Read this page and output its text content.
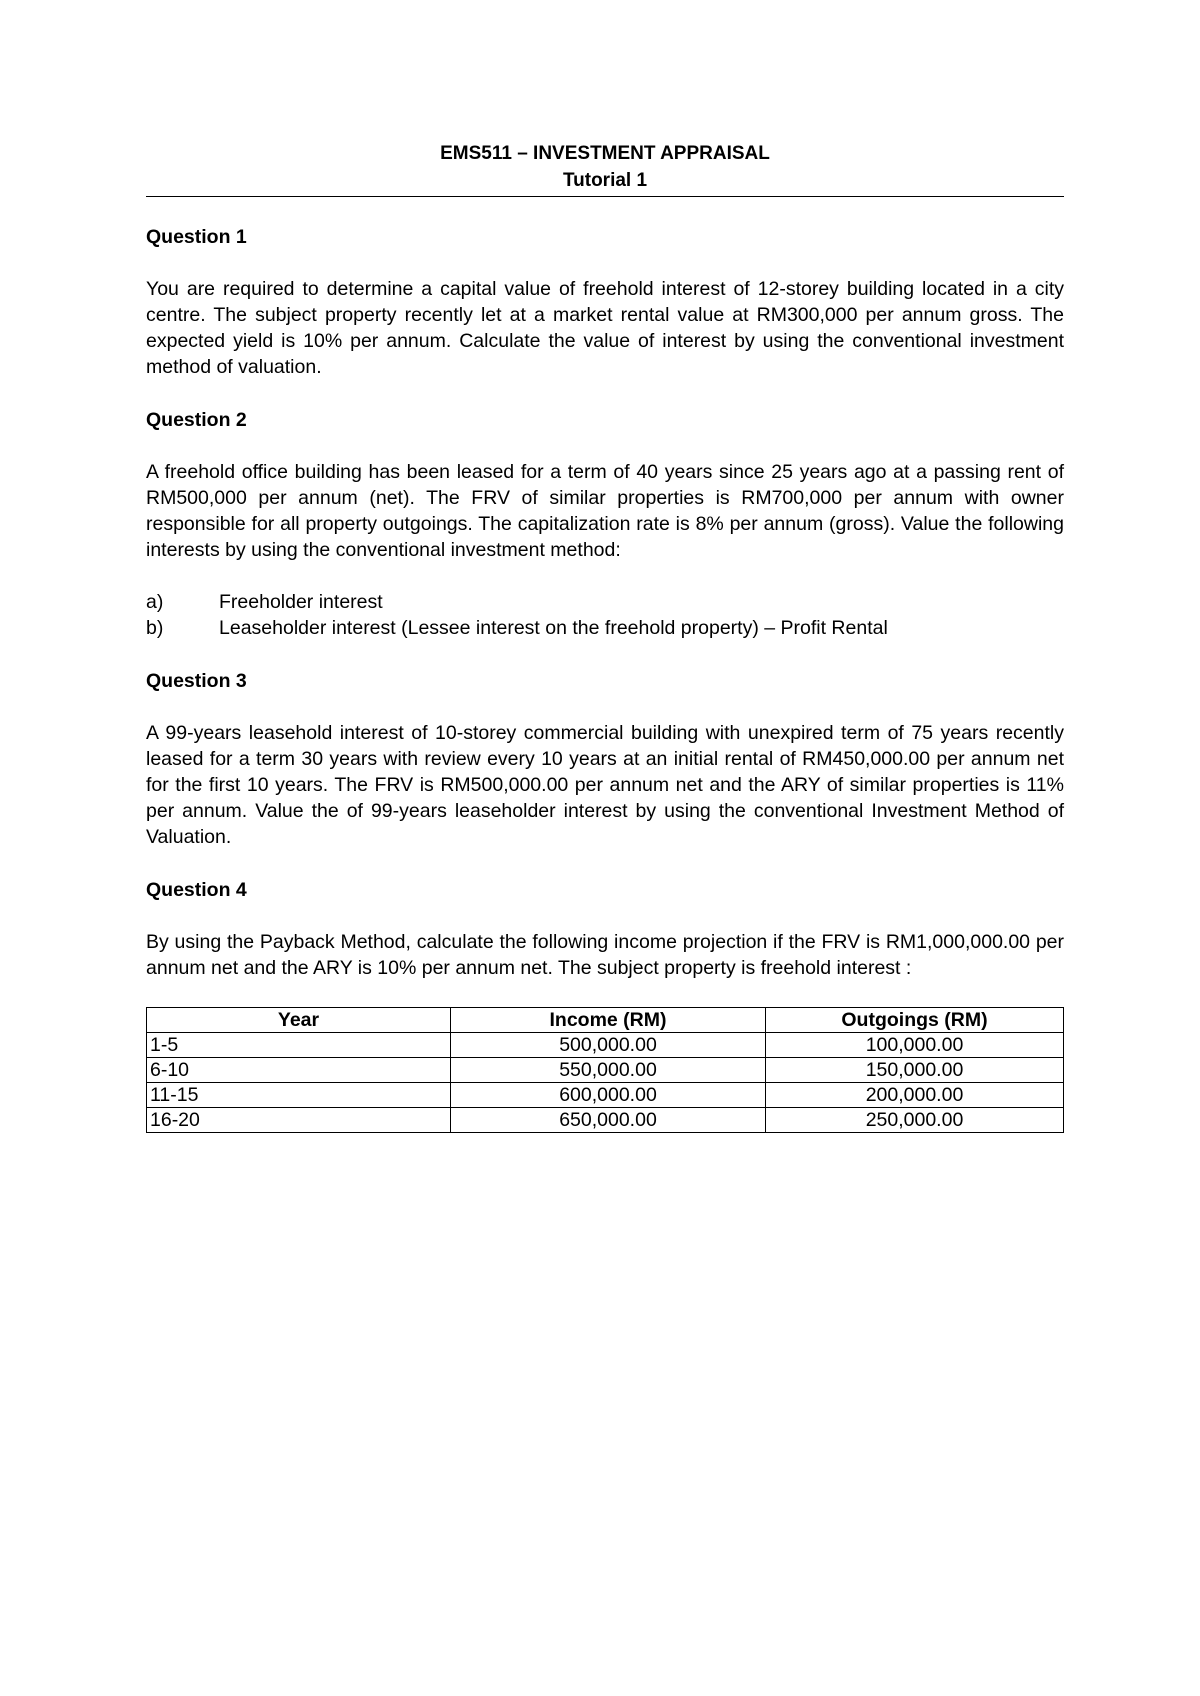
EMS511 – INVESTMENT APPRAISAL
Tutorial 1
Question 1
You are required to determine a capital value of freehold interest of 12-storey building located in a city centre. The subject property recently let at a market rental value at RM300,000 per annum gross. The expected yield is 10% per annum. Calculate the value of interest by using the conventional investment method of valuation.
Question 2
A freehold office building has been leased for a term of 40 years since 25 years ago at a passing rent of RM500,000 per annum (net). The FRV of similar properties is RM700,000 per annum with owner responsible for all property outgoings. The capitalization rate is 8% per annum (gross). Value the following interests by using the conventional investment method:
a)	Freeholder interest
b)	Leaseholder interest (Lessee interest on the freehold property) – Profit Rental
Question 3
A 99-years leasehold interest of 10-storey commercial building with unexpired term of 75 years recently leased for a term 30 years with review every 10 years at an initial rental of RM450,000.00 per annum net for the first 10 years. The FRV is RM500,000.00 per annum net and the ARY of similar properties is 11% per annum. Value the of 99-years leaseholder interest by using the conventional Investment Method of Valuation.
Question 4
By using the Payback Method, calculate the following income projection if the FRV is RM1,000,000.00 per annum net and the ARY is 10% per annum net. The subject property is freehold interest :
Year	Income (RM)	Outgoings (RM)
1-5	500,000.00	100,000.00
6-10	550,000.00	150,000.00
11-15	600,000.00	200,000.00
16-20	650,000.00	250,000.00
